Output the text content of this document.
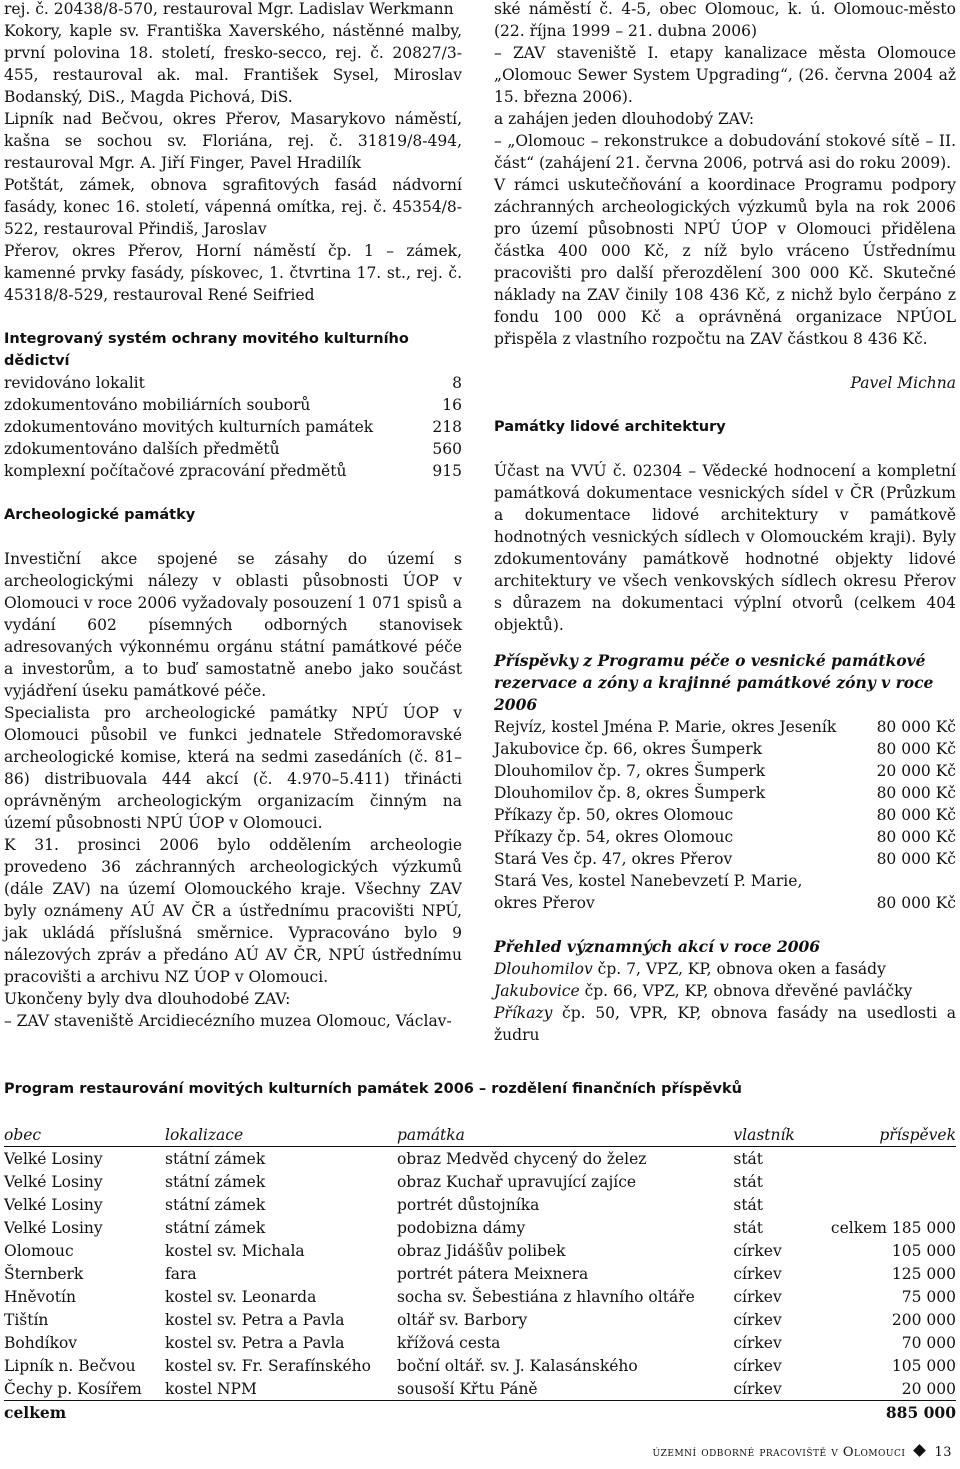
rej. č. 20438/8-570, restauroval Mgr. Ladislav Werkmann

Kokory, kaple sv. Františka Xaverského, nástěnné malby, první polovina 18. století, fresko-secco, rej. č. 20827/3-455, restauroval ak. mal. František Sysel, Miroslav Bodanský, DiS., Magda Pichová, DiS.

Lipník nad Bečvou, okres Přerov, Masarykovo náměstí, kašna se sochou sv. Floriána, rej. č. 31819/8-494, restauroval Mgr. A. Jiří Finger, Pavel Hradilík

Potštát, zámek, obnova sgrafitových fasád nádvorní fasády, konec 16. století, vápenná omítka, rej. č. 45354/8-522, restauroval Přindiš, Jaroslav

Přerov, okres Přerov, Horní náměstí čp. 1 – zámek, kamenné prvky fasády, pískovec, 1. čtvrtina 17. st., rej. č. 45318/8-529, restauroval René Seifried

Integrovaný systém ochrany movitého kulturního dědictví

revidováno lokalit	8
zdokumentováno mobiliárních souborů	16
zdokumentováno movitých kulturních památek	218
zdokumentováno dalších předmětů	560
komplexní počítačové zpracování předmětů	915

Archeologické památky

Investiční akce spojené se zásahy do území s archeologickými nálezy v oblasti působnosti ÚOP v Olomouci v roce 2006 vyžadovaly posouzení 1 071 spisů a vydání 602 písemných odborných stanovisek adresovaných výkonnému orgánu státní památkové péče a investorům, a to buď samostatně anebo jako součást vyjádření úseku památkové péče.

Specialista pro archeologické památky NPÚ ÚOP v Olomouci působil ve funkci jednatele Středomoravské archeologické komise, která na sedmi zasedáních (č. 81–86) distribuovala 444 akcí (č. 4.970–5.411) třinácti oprávněným archeologickým organizacím činným na území působnosti NPÚ ÚOP v Olomouci.

K 31. prosinci 2006 bylo oddělením archeologie provedeno 36 záchranných archeologických výzkumů (dále ZAV) na území Olomouckého kraje. Všechny ZAV byly oznámeny AÚ AV ČR a ústřednímu pracovišti NPÚ, jak ukládá příslušná směrnice. Vypracováno bylo 9 nálezových zpráv a předáno AÚ AV ČR, NPÚ ústřednímu pracovišti a archivu NZ ÚOP v Olomouci.

Ukončeny byly dva dlouhodobé ZAV:

– ZAV staveniště Arcidiecézního muzea Olomouc, Václav-

ské náměstí č. 4-5, obec Olomouc, k. ú. Olomouc-město (22. října 1999 – 21. dubna 2006)

– ZAV staveniště I. etapy kanalizace města Olomouce „Olomouc Sewer System Upgrading“, (26. června 2004 až 15. března 2006).

a zahájen jeden dlouhodobý ZAV:

– „Olomouc – rekonstrukce a dobudování stokové sítě – II. část“ (zahájení 21. června 2006, potrvá asi do roku 2009).

V rámci uskutečňování a koordinace Programu podpory záchranných archeologických výzkumů byla na rok 2006 pro území působnosti NPÚ ÚOP v Olomouci přidělena částka 400 000 Kč, z níž bylo vráceno Ústřednímu pracovišti pro další přerozdělení 300 000 Kč. Skutečné náklady na ZAV činily 108 436 Kč, z nichž bylo čerpáno z fondu 100 000 Kč a oprávněná organizace NPÚOL přispěla z vlastního rozpočtu na ZAV částkou 8 436 Kč.

Pavel Michna

Památky lidové architektury

Účast na VVÚ č. 02304 – Vědecké hodnocení a kompletní památková dokumentace vesnických sídel v ČR (Průzkum a dokumentace lidové architektury v památkově hodnotných vesnických sídlech v Olomouckém kraji). Byly zdokumentovány památkově hodnotné objekty lidové architektury ve všech venkovských sídlech okresu Přerov s důrazem na dokumentaci výplní otvorů (celkem 404 objektů).

Příspěvky z Programu péče o vesnické památkové rezervace a zóny a krajinné památkové zóny v roce 2006

Rejvíz, kostel Jména P. Marie, okres Jeseník	80 000 Kč
Jakubovice čp. 66, okres Šumperk	80 000 Kč
Dlouhomilov čp. 7, okres Šumperk	20 000 Kč
Dlouhomilov čp. 8, okres Šumperk	80 000 Kč
Příkazy čp. 50, okres Olomouc	80 000 Kč
Příkazy čp. 54, okres Olomouc	80 000 Kč
Stará Ves čp. 47, okres Přerov	80 000 Kč
Stará Ves, kostel Nanebevzetí P. Marie,
okres Přerov	80 000 Kč

Přehled významných akcí v roce 2006

Dlouhomilov čp. 7, VPZ, KP, obnova oken a fasády

Jakubovice čp. 66, VPZ, KP, obnova dřevěné pavláčky

Příkazy čp. 50, VPR, KP, obnova fasády na usedlosti a žudru

Program restaurování movitých kulturních památek 2006 – rozdělení finančních příspěvků

obec	lokalizace	památka	vlastník	příspěvek
Velké Losiny	státní zámek	obraz Medvěd chycený do želez	stát	
Velké Losiny	státní zámek	obraz Kuchař upravující zajíce	stát	
Velké Losiny	státní zámek	portrét důstojníka	stát	
Velké Losiny	státní zámek	podobizna dámy	stát	celkem 185 000
Olomouc	kostel sv. Michala	obraz Jidášův polibek	církev	105 000
Šternberk	fara	portrét pátera Meixnera	církev	125 000
Hněvotín	kostel sv. Leonarda	socha sv. Šebestiána z hlavního oltáře	církev	75 000
Tištín	kostel sv. Petra a Pavla	oltář sv. Barbory	církev	200 000
Bohdíkov	kostel sv. Petra a Pavla	křížová cesta	církev	70 000
Lipník n. Bečvou	kostel sv. Fr. Serafínského	boční oltář. sv. J. Kalasánského	církev	105 000
Čechy p. Kosířem	kostel NPM	sousoší Křtu Páně	církev	20 000
celkem				885 000
územní odborné pracoviště v Olomouci 13
